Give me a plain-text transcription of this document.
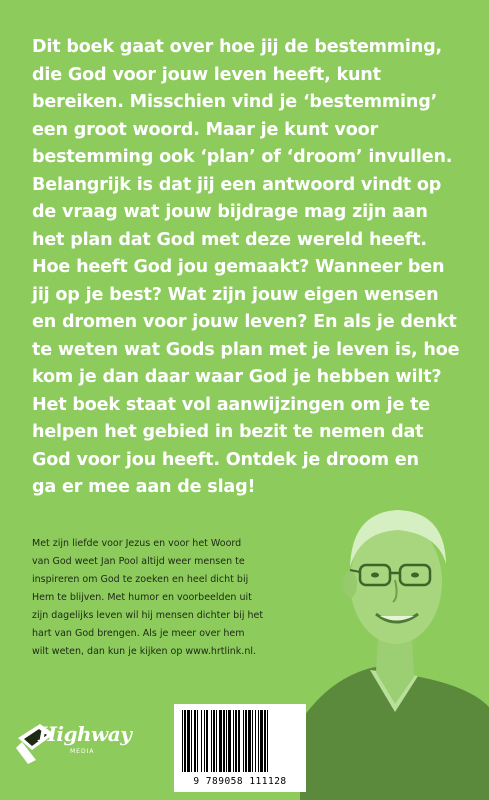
Dit boek gaat over hoe jij de bestemming,
die God voor jouw leven heeft, kunt
bereiken. Misschien vind je ‘bestemming’
een groot woord. Maar je kunt voor
bestemming ook ‘plan’ of ‘droom’ invullen.
Belangrijk is dat jij een antwoord vindt op
de vraag wat jouw bijdrage mag zijn aan
het plan dat God met deze wereld heeft.
Hoe heeft God jou gemaakt? Wanneer ben
jij op je best? Wat zijn jouw eigen wensen
en dromen voor jouw leven? En als je denkt
te weten wat Gods plan met je leven is, hoe
kom je dan daar waar God je hebben wilt?
Het boek staat vol aanwijzingen om je te
helpen het gebied in bezit te nemen dat
God voor jou heeft. Ontdek je droom en
ga er mee aan de slag!
Met zijn liefde voor Jezus en voor het Woord
van God weet Jan Pool altijd weer mensen te
inspireren om God te zoeken en heel dicht bij
Hem te blijven. Met humor en voorbeelden uit
zijn dagelijks leven wil hij mensen dichter bij het
hart van God brengen. Als je meer over hem
wilt weten, dan kun je kijken op www.hrtlink.nl.
Highway
MEDIA
9 789058 111128
